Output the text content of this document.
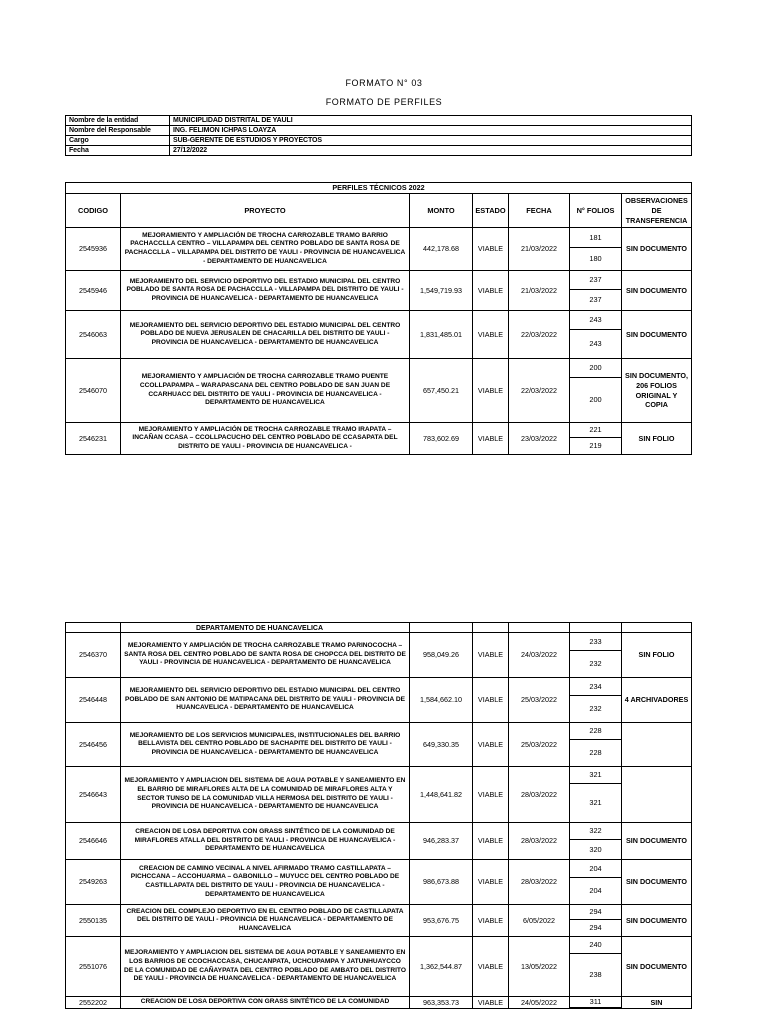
FORMATO N° 03
FORMATO DE PERFILES
Nombre de la entidad	MUNICIPLIDAD DISTRITAL DE YAULI
Nombre del Responsable	ING. FELIMON ICHPAS LOAYZA
Cargo	SUB-GERENTE DE ESTUDIOS Y PROYECTOS
Fecha	27/12/2022
PERFILES TÉCNICOS 2022						
CODIGO	PROYECTO	MONTO	ESTADO	FECHA	N° FOLIOS	OBSERVACIONES DE TRANSFERENCIA
2545936	MEJORAMIENTO Y AMPLIACIÓN DE TROCHA CARROZABLE TRAMO BARRIO PACHACCLLA CENTRO – VILLAPAMPA DEL CENTRO POBLADO DE SANTA ROSA DE PACHACCLLA – VILLAPAMPA DEL DISTRITO DE YAULI - PROVINCIA DE HUANCAVELICA - DEPARTAMENTO DE HUANCAVELICA	442,178.68	VIABLE	21/03/2022	181	SIN DOCUMENTO
					180	
2545946	MEJORAMIENTO DEL SERVICIO DEPORTIVO DEL ESTADIO MUNICIPAL DEL CENTRO POBLADO DE SANTA ROSA DE PACHACCLLA - VILLAPAMPA DEL DISTRITO DE YAULI - PROVINCIA DE HUANCAVELICA - DEPARTAMENTO DE HUANCAVELICA	1,549,719.93	VIABLE	21/03/2022	237	SIN DOCUMENTO
					237	
2546063	MEJORAMIENTO DEL SERVICIO DEPORTIVO DEL ESTADIO MUNICIPAL DEL CENTRO POBLADO DE NUEVA JERUSALEN DE CHACARILLA DEL DISTRITO DE YAULI - PROVINCIA DE HUANCAVELICA - DEPARTAMENTO DE HUANCAVELICA	1,831,485.01	VIABLE	22/03/2022	243	SIN DOCUMENTO
					243	
2546070	MEJORAMIENTO Y AMPLIACIÓN DE TROCHA CARROZABLE TRAMO PUENTE CCOLLPAPAMPA – WARAPASCANA DEL CENTRO POBLADO DE SAN JUAN DE CCARHUACC DEL DISTRITO DE YAULI - PROVINCIA DE HUANCAVELICA - DEPARTAMENTO DE HUANCAVELICA	657,450.21	VIABLE	22/03/2022	200	SIN DOCUMENTO, 206 FOLIOS ORIGINAL Y COPIA
					200	
2546231	MEJORAMIENTO Y AMPLIACIÓN DE TROCHA CARROZABLE TRAMO IRAPATA – INCAÑAN CCASA – CCOLLPACUCHO DEL CENTRO POBLADO DE CCASAPATA DEL DISTRITO DE YAULI - PROVINCIA DE HUANCAVELICA -	783,602.69	VIABLE	23/03/2022	221	SIN FOLIO
					219	
DEPARTAMENTO DE HUANCAVELICA

2546370	MEJORAMIENTO Y AMPLIACIÓN DE TROCHA CARROZABLE TRAMO PARINOCOCHA – SANTA ROSA DEL CENTRO POBLADO DE SANTA ROSA DE CHOPCCA DEL DISTRITO DE YAULI - PROVINCIA DE HUANCAVELICA - DEPARTAMENTO DE HUANCAVELICA	958,049.26	VIABLE	24/03/2022	233	SIN FOLIO
					232	
2546448	MEJORAMIENTO DEL SERVICIO DEPORTIVO DEL ESTADIO MUNICIPAL DEL CENTRO POBLADO DE SAN ANTONIO DE MATIPACANA DEL DISTRITO DE YAULI - PROVINCIA DE HUANCAVELICA - DEPARTAMENTO DE HUANCAVELICA	1,584,662.10	VIABLE	25/03/2022	234	4 ARCHIVADORES
					232	
2546456	MEJORAMIENTO DE LOS SERVICIOS MUNICIPALES, INSTITUCIONALES DEL BARRIO BELLAVISTA DEL CENTRO POBLADO DE SACHAPITE DEL DISTRITO DE YAULI - PROVINCIA DE HUANCAVELICA - DEPARTAMENTO DE HUANCAVELICA	649,330.35	VIABLE	25/03/2022	228	
					228	
2546643	MEJORAMIENTO Y AMPLIACION DEL SISTEMA DE AGUA POTABLE Y SANEAMIENTO EN EL BARRIO DE MIRAFLORES ALTA DE LA COMUNIDAD DE MIRAFLORES ALTA Y SECTOR TUNSO DE LA COMUNIDAD VILLA HERMOSA DEL DISTRITO DE YAULI - PROVINCIA DE HUANCAVELICA - DEPARTAMENTO DE HUANCAVELICA	1,448,641.82	VIABLE	28/03/2022	321	
					321	
2546646	CREACION DE LOSA DEPORTIVA CON GRASS SINTÉTICO DE LA COMUNIDAD DE MIRAFLORES ATALLA DEL DISTRITO DE YAULI - PROVINCIA DE HUANCAVELICA - DEPARTAMENTO DE HUANCAVELICA	946,283.37	VIABLE	28/03/2022	322	SIN DOCUMENTO
					320	
2549263	CREACION DE CAMINO VECINAL A NIVEL AFIRMADO TRAMO CASTILLAPATA – PICHCCANA – ACCOHUARMA – GABONILLO – MUYUCC DEL CENTRO POBLADO DE CASTILLAPATA DEL DISTRITO DE YAULI - PROVINCIA DE HUANCAVELICA - DEPARTAMENTO DE HUANCAVELICA	986,673.88	VIABLE	28/03/2022	204	SIN DOCUMENTO
					204	
2550135	CREACION DEL COMPLEJO DEPORTIVO EN EL CENTRO POBLADO DE CASTILLAPATA DEL DISTRITO DE YAULI - PROVINCIA DE HUANCAVELICA - DEPARTAMENTO DE HUANCAVELICA	953,676.75	VIABLE	6/05/2022	294	SIN DOCUMENTO
					294	
2551076	MEJORAMIENTO Y AMPLIACION DEL SISTEMA DE AGUA POTABLE Y SANEAMIENTO EN LOS BARRIOS DE CCOCHACCASA, CHUCANPATA, UCHCUPAMPA Y JATUNHUAYCCO DE LA COMUNIDAD DE CAÑAYPATA DEL CENTRO POBLADO DE AMBATO DEL DISTRITO DE YAULI - PROVINCIA DE HUANCAVELICA - DEPARTAMENTO DE HUANCAVELICA	1,362,544.87	VIABLE	13/05/2022	240	SIN DOCUMENTO
					238	
2552202	CREACION DE LOSA DEPORTIVA CON GRASS SINTÉTICO DE LA COMUNIDAD	963,353.73	VIABLE	24/05/2022	311	SIN
